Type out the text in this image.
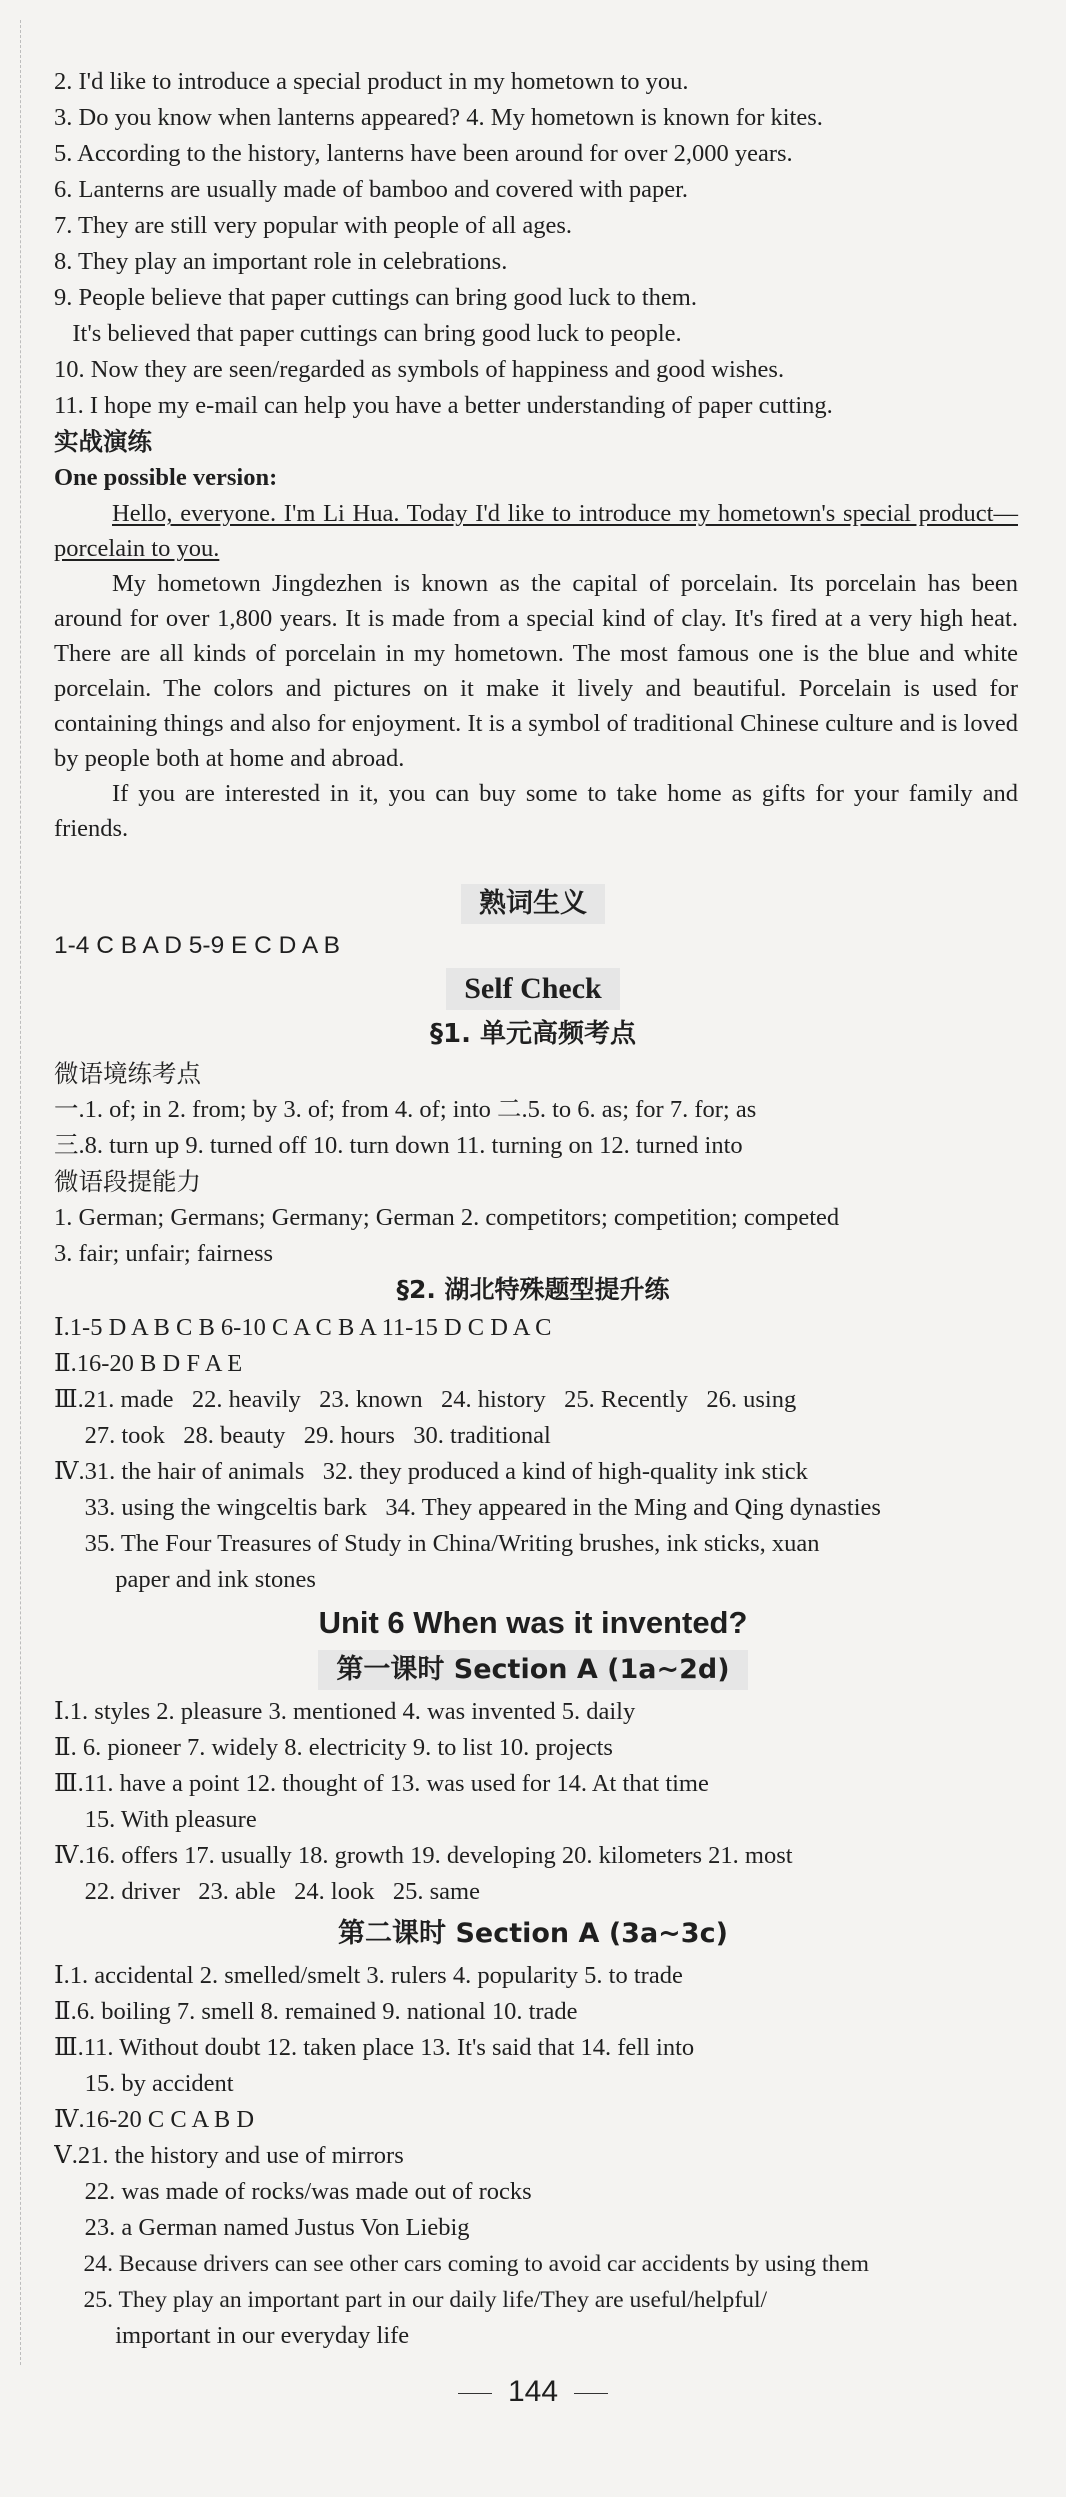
2. I'd like to introduce a special product in my hometown to you.
3. Do you know when lanterns appeared? 4. My hometown is known for kites.
5. According to the history, lanterns have been around for over 2,000 years.
6. Lanterns are usually made of bamboo and covered with paper.
7. They are still very popular with people of all ages.
8. They play an important role in celebrations.
9. People believe that paper cuttings can bring good luck to them.
It's believed that paper cuttings can bring good luck to people.
10. Now they are seen/regarded as symbols of happiness and good wishes.
11. I hope my e-mail can help you have a better understanding of paper cutting.
实战演练
One possible version:
Hello, everyone. I'm Li Hua. Today I'd like to introduce my hometown's special product—porcelain to you.
My hometown Jingdezhen is known as the capital of porcelain. Its porcelain has been around for over 1,800 years. It is made from a special kind of clay. It's fired at a very high heat. There are all kinds of porcelain in my hometown. The most famous one is the blue and white porcelain. The colors and pictures on it make it lively and beautiful. Porcelain is used for containing things and also for enjoyment. It is a symbol of traditional Chinese culture and is loved by people both at home and abroad.
If you are interested in it, you can buy some to take home as gifts for your family and friends.
熟词生义
1-4 C B A D 5-9 E C D A B
Self Check
§1. 单元高频考点
微语境练考点
一.1. of; in 2. from; by 3. of; from 4. of; into 二.5. to 6. as; for 7. for; as
三.8. turn up 9. turned off 10. turn down 11. turning on 12. turned into
微语段提能力
1. German; Germans; Germany; German 2. competitors; competition; competed
3. fair; unfair; fairness
§2. 湖北特殊题型提升练
Ⅰ.1-5 D A B C B 6-10 C A C B A 11-15 D C D A C
Ⅱ.16-20 B D F A E
Ⅲ.21. made   22. heavily   23. known   24. history   25. Recently   26. using
27. took   28. beauty   29. hours   30. traditional
Ⅳ.31. the hair of animals   32. they produced a kind of high-quality ink stick
33. using the wingceltis bark   34. They appeared in the Ming and Qing dynasties
35. The Four Treasures of Study in China/Writing brushes, ink sticks, xuan
paper and ink stones
Unit 6 When was it invented?
第一课时 Section A (1a~2d)
Ⅰ.1. styles 2. pleasure 3. mentioned 4. was invented 5. daily
Ⅱ. 6. pioneer 7. widely 8. electricity 9. to list 10. projects
Ⅲ.11. have a point 12. thought of 13. was used for 14. At that time
15. With pleasure
Ⅳ.16. offers 17. usually 18. growth 19. developing 20. kilometers 21. most
22. driver   23. able   24. look   25. same
第二课时 Section A (3a~3c)
Ⅰ.1. accidental 2. smelled/smelt 3. rulers 4. popularity 5. to trade
Ⅱ.6. boiling 7. smell 8. remained 9. national 10. trade
Ⅲ.11. Without doubt 12. taken place 13. It's said that 14. fell into
15. by accident
Ⅳ.16-20 C C A B D
Ⅴ.21. the history and use of mirrors
22. was made of rocks/was made out of rocks
23. a German named Justus Von Liebig
24. Because drivers can see other cars coming to avoid car accidents by using them
25. They play an important part in our daily life/They are useful/helpful/
important in our everyday life
144
